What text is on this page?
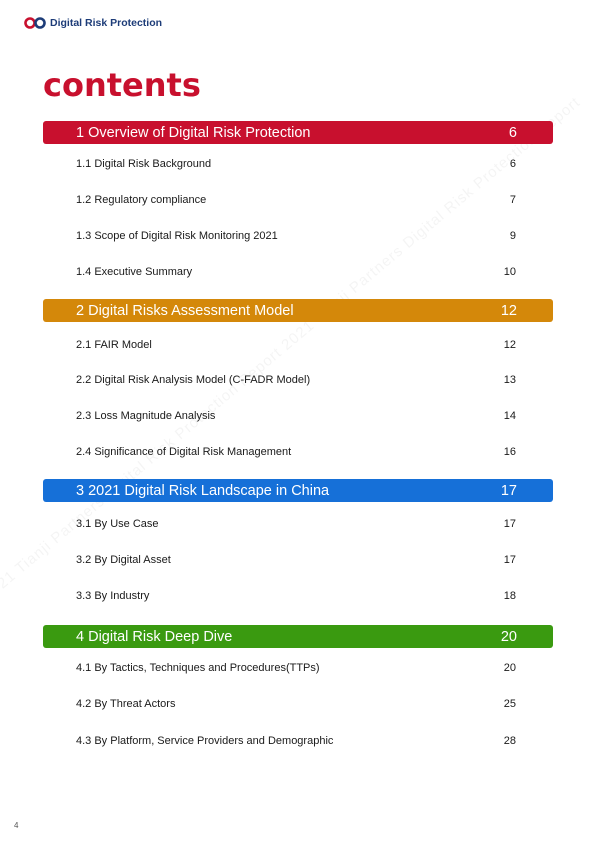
Digital Risk Protection
contents
1 Overview of Digital Risk Protection	6
1.1 Digital Risk Background	6
1.2 Regulatory compliance	7
1.3 Scope of Digital Risk Monitoring 2021	9
1.4 Executive Summary	10
2 Digital Risks Assessment Model	12
2.1 FAIR Model	12
2.2 Digital Risk Analysis Model (C-FADR Model)	13
2.3 Loss Magnitude Analysis	14
2.4 Significance of Digital Risk Management	16
3 2021 Digital Risk Landscape in China	17
3.1 By Use Case	17
3.2 By Digital Asset	17
3.3 By Industry	18
4 Digital Risk Deep Dive	20
4.1 By Tactics, Techniques and Procedures(TTPs)	20
4.2 By Threat Actors	25
4.3 By Platform, Service Providers and Demographic	28
4
